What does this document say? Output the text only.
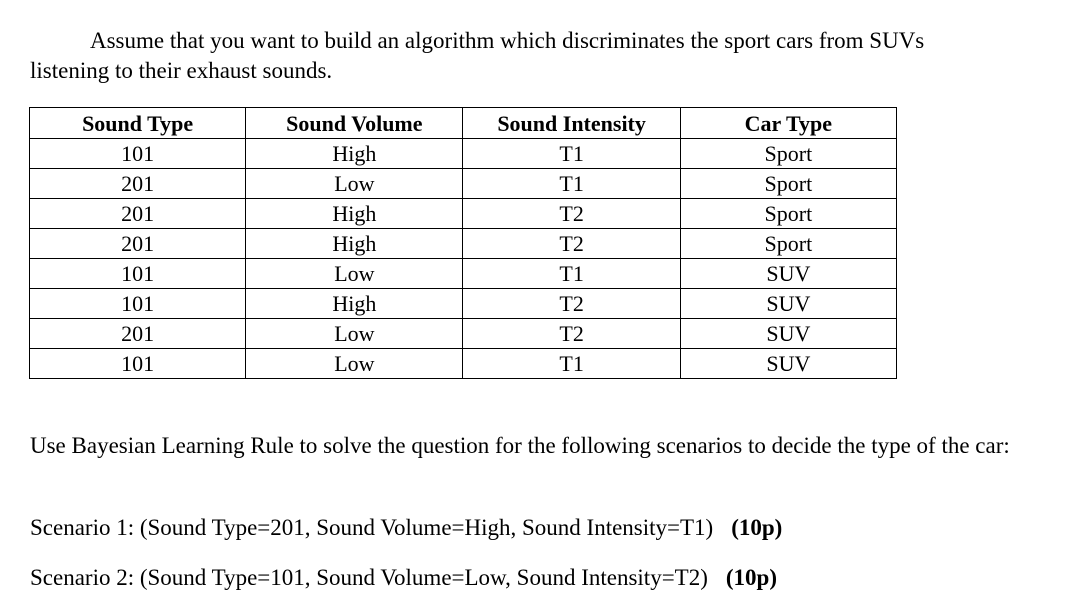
Assume that you want to build an algorithm which discriminates the sport cars from SUVs
listening to their exhaust sounds.
Sound Type	Sound Volume	Sound Intensity	Car Type
101	High	T1	Sport
201	Low	T1	Sport
201	High	T2	Sport
201	High	T2	Sport
101	Low	T1	SUV
101	High	T2	SUV
201	Low	T2	SUV
101	Low	T1	SUV
Use Bayesian Learning Rule to solve the question for the following scenarios to decide the type of the car:
Scenario 1: (Sound Type=201, Sound Volume=High, Sound Intensity=T1) (10p)
Scenario 2: (Sound Type=101, Sound Volume=Low, Sound Intensity=T2) (10p)
